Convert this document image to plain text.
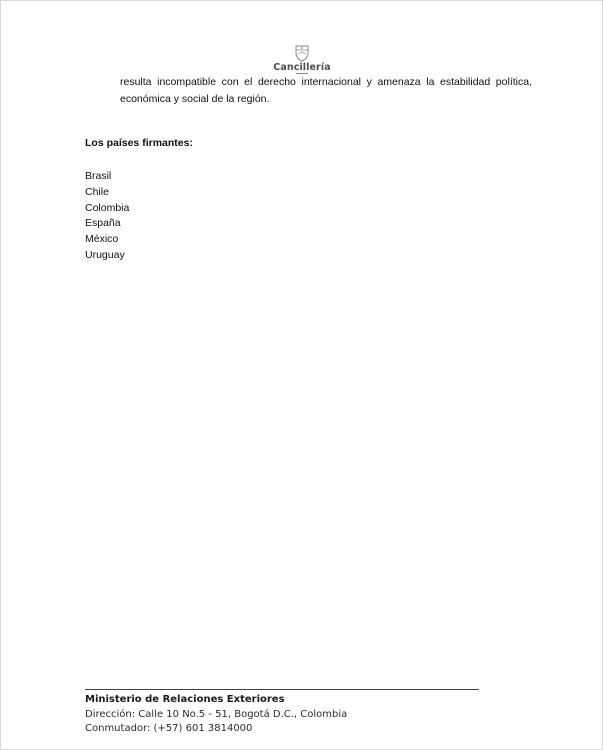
Cancillería
resulta incompatible con el derecho internacional y amenaza la estabilidad política, económica y social de la región.
Los países firmantes:
Brasil
Chile
Colombia
España
México
Uruguay
Ministerio de Relaciones Exteriores
Dirección: Calle 10 No.5 - 51, Bogotá D.C., Colombia
Conmutador: (+57) 601 3814000
